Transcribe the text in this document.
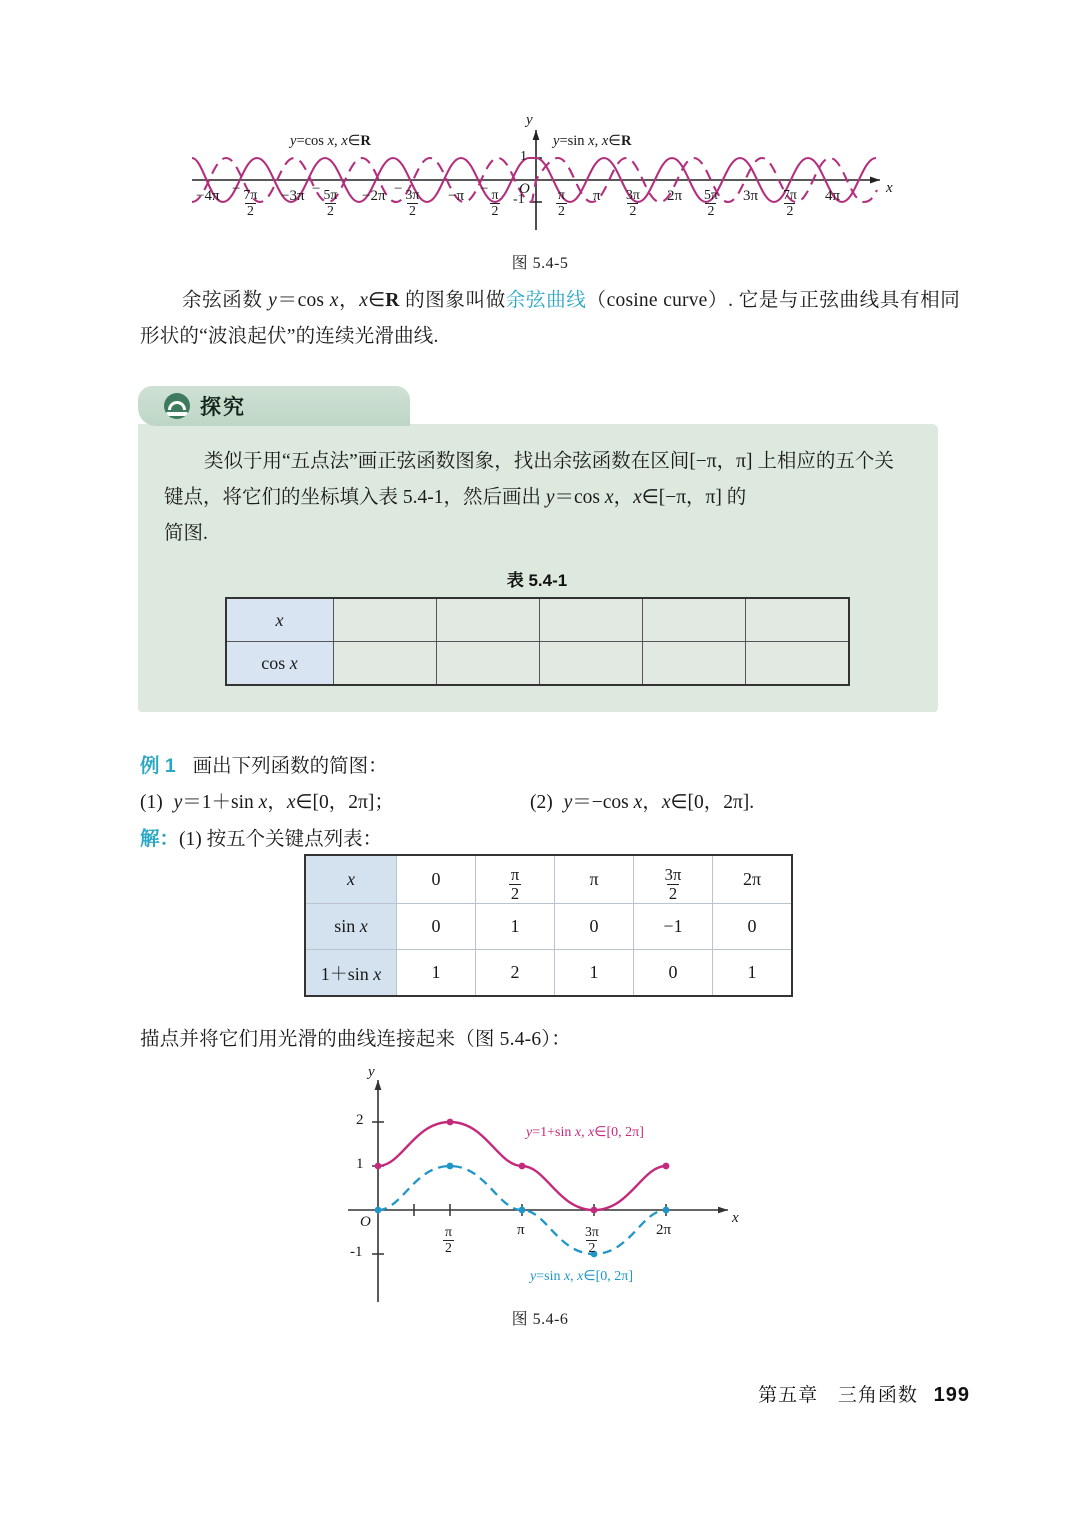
y
x
O
1
-1
y=cos x, x∈R	y=sin x, x∈R
$-4\pi - \frac{7\pi}{2} -3\pi - \frac{5\pi}{2} -2\pi - \frac{3\pi}{2} -\pi - \frac{\pi}{2}$	$\frac{\pi}{2}$ π $\frac{3\pi}{2} 2\pi \frac{5\pi}{2} 3\pi \frac{7\pi}{2} 4\pi$
图 5.4-5
余弦函数 y＝cos x，x∈R 的图象叫做余弦曲线（cosine curve）. 它是与正弦曲线具有相同形状的“波浪起伏”的连续光滑曲线.
探究
类似于用“五点法”画正弦函数图象，找出余弦函数在区间[−π，π] 上相应的五个关键点，将它们的坐标填入表 5.4-1，然后画出 y＝cos x，x∈[−π，π] 的
简图.
表 5.4-1
x					
cos x					
例 1 画出下列函数的简图：
(1) y＝1＋sin x，x∈[0，2π]；	(2) y＝−cos x，x∈[0，2π].
解：(1) 按五个关键点列表：
x	0	$\frac{\pi}{2}$	π	$\frac{3\pi}{2}$	2π
sin x	0	1	0	−1	0
1＋sin x	1	2	1	0	1
描点并将它们用光滑的曲线连接起来（图 5.4-6）：
y
x
O
2
1
-1	$\frac{\pi}{2}$	π	$\frac{3\pi}{2}$	2π
y=1+sin x, x∈[0, 2π]
y=sin x, x∈[0, 2π]
图 5.4-6
第五章 三角函数 199
